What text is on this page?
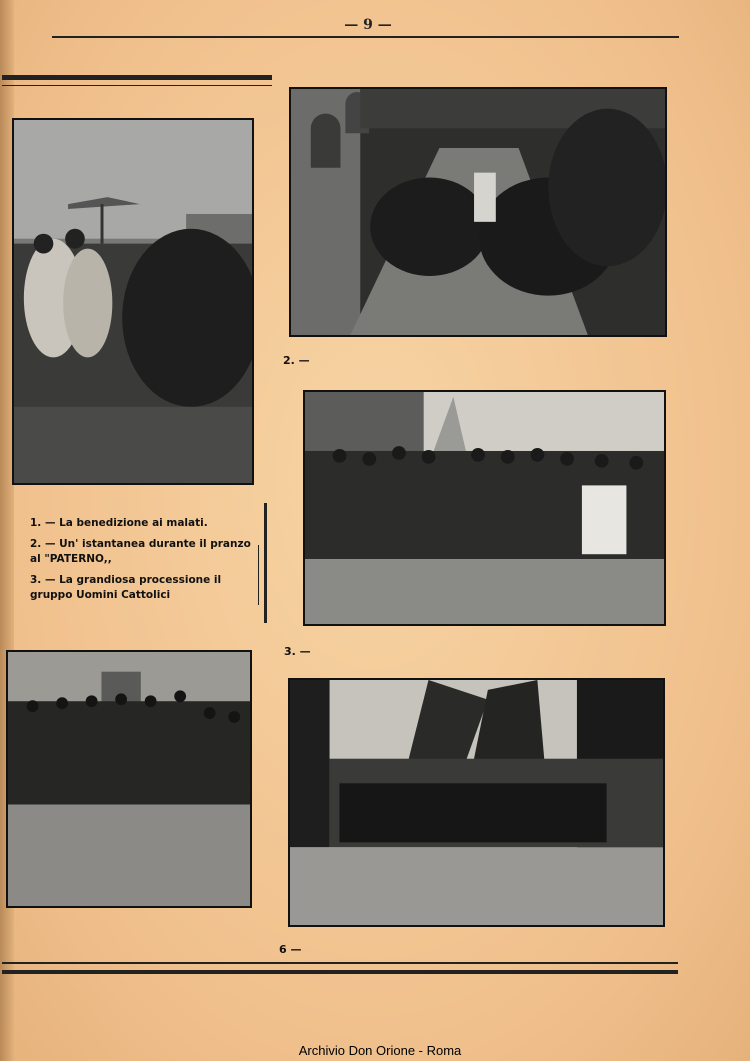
— 9 —
2. —
3. —
1. — La benedizione ai malati.
2. — Un' istantanea durante il pranzo al "PATERNO,,
3. — La grandiosa processione il gruppo Uomini Cattolici
6 —
Archivio Don Orione - Roma
